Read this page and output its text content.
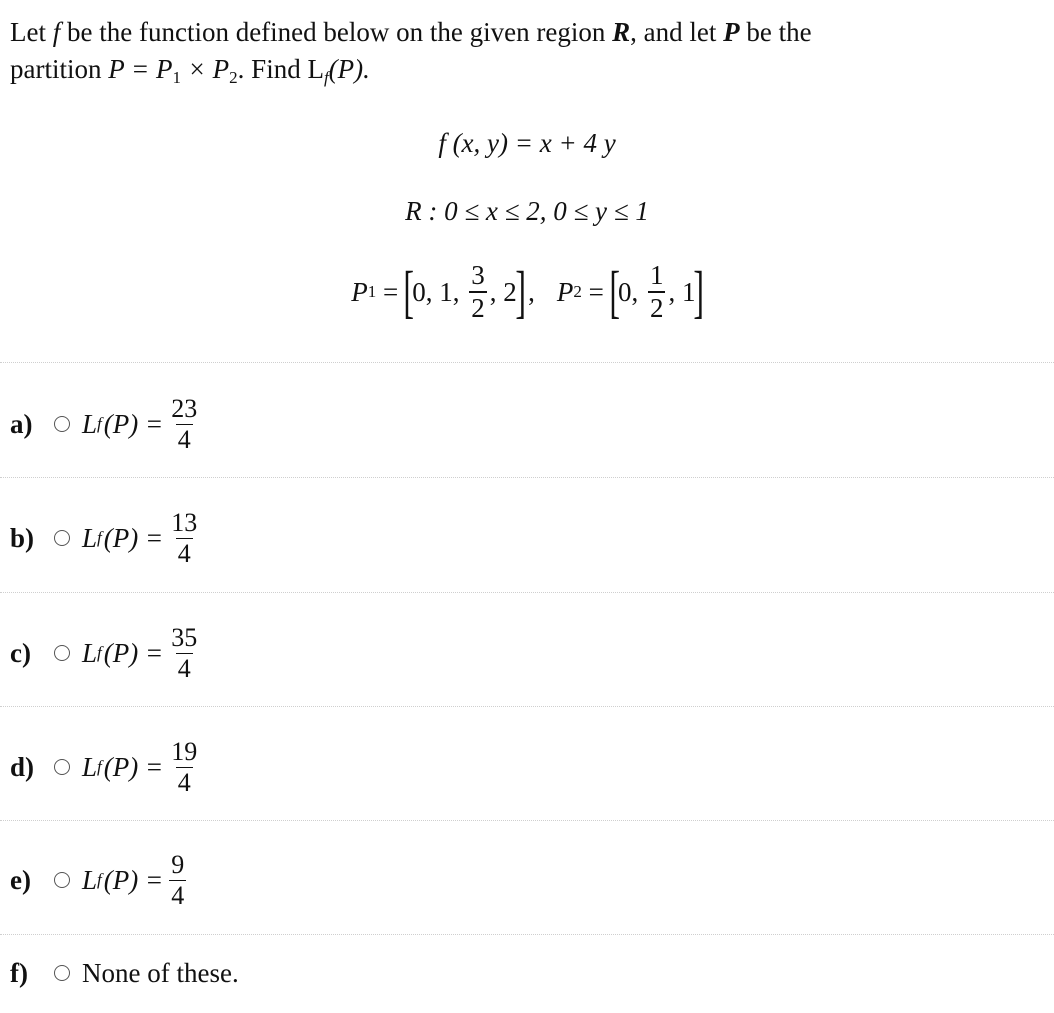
Let f be the function defined below on the given region R, and let P be the
partition $P = P_1 \times P_2$. Find $L_f(P)$.
f (x, y) = x + 4 y
R : 0 ≤ x ≤ 2, 0 ≤ y ≤ 1
P 1 =
[
0, 1, $\frac{3}{2}$ , 2
] , P 2 =
[
0, $\frac{1}{2}$ , 1
]
a)	L f $(P) = \frac{23}{4}$
b)	L f $(P) = \frac{13}{4}$
c)	L f $(P) = \frac{35}{4}$
d)	L f $(P) = \frac{19}{4}$
e)	L f $(P) = \frac{9}{4}$
f)	None of these.
